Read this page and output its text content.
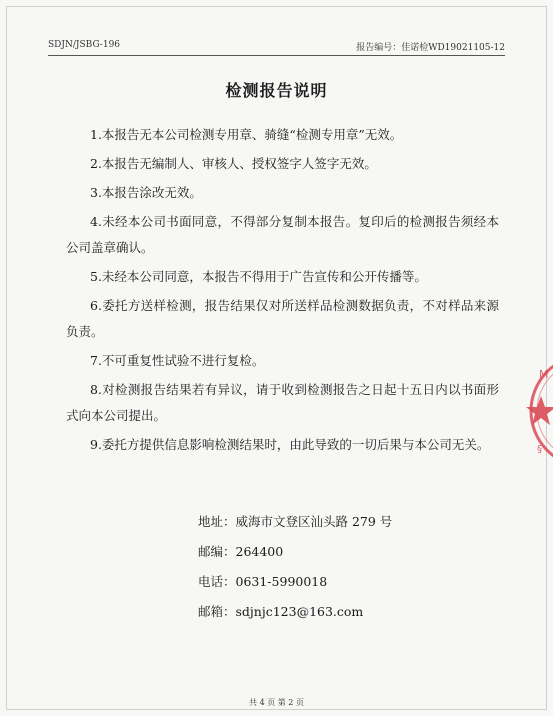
SDJN/JSBG-196	报告编号：佳诺检WD19021105-12
检测报告说明
1.本报告无本公司检测专用章、骑缝“检测专用章”无效。
2.本报告无编制人、审核人、授权签字人签字无效。
3.本报告涂改无效。
4.未经本公司书面同意，不得部分复制本报告。复印后的检测报告须经本公司盖章确认。
5.未经本公司同意，本报告不得用于广告宣传和公开传播等。
6.委托方送样检测，报告结果仅对所送样品检测数据负责，不对样品来源负责。
7.不可重复性试验不进行复检。
8.对检测报告结果若有异议，请于收到检测报告之日起十五日内以书面形式向本公司提出。
9.委托方提供信息影响检测结果时，由此导致的一切后果与本公司无关。
地址：威海市文登区汕头路 279 号
邮编：264400
电话：0631-5990018
邮箱：sdjnjc123@163.com
M
§
共 4 页 第 2 页
